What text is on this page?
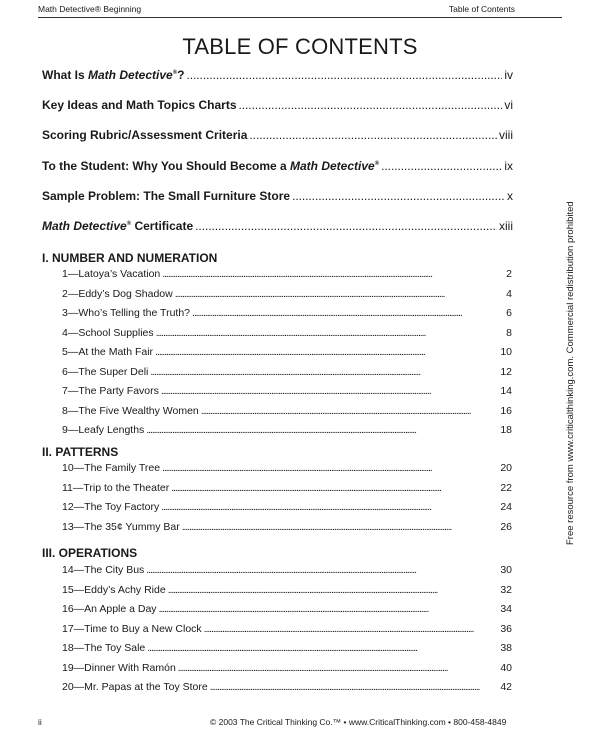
Math Detective® Beginning	Table of Contents
TABLE OF CONTENTS
What Is Math Detective®? . . .	iv
Key Ideas and Math Topics Charts . . .	vi
Scoring Rubric/Assessment Criteria . . .	viii
To the Student: Why You Should Become a Math Detective® . . .	ix
Sample Problem: The Small Furniture Store . . .	x
Math Detective® Certificate . . .	xiii
I. NUMBER AND NUMERATION
1—Latoya’s Vacation . . .	2
2—Eddy’s Dog Shadow . . .	4
3—Who’s Telling the Truth? . . .	6
4—School Supplies . . .	8
5—At the Math Fair . . .	10
6—The Super Deli . . .	12
7—The Party Favors . . .	14
8—The Five Wealthy Women . . .	16
9—Leafy Lengths . . .	18
II. PATTERNS
10—The Family Tree . . .	20
11—Trip to the Theater . . .	22
12—The Toy Factory . . .	24
13—The 35¢ Yummy Bar . . .	26
III. OPERATIONS
14—The City Bus . . .	30
15—Eddy’s Achy Ride . . .	32
16—An Apple a Day . . .	34
17—Time to Buy a New Clock . . .	36
18—The Toy Sale . . .	38
19—Dinner With Ramón . . .	40
20—Mr. Papas at the Toy Store . . .	42
ii	© 2003 The Critical Thinking Co.™ • www.CriticalThinking.com • 800-458-4849
Free resource from www.criticalthinking.com. Commercial redistribution prohibited
